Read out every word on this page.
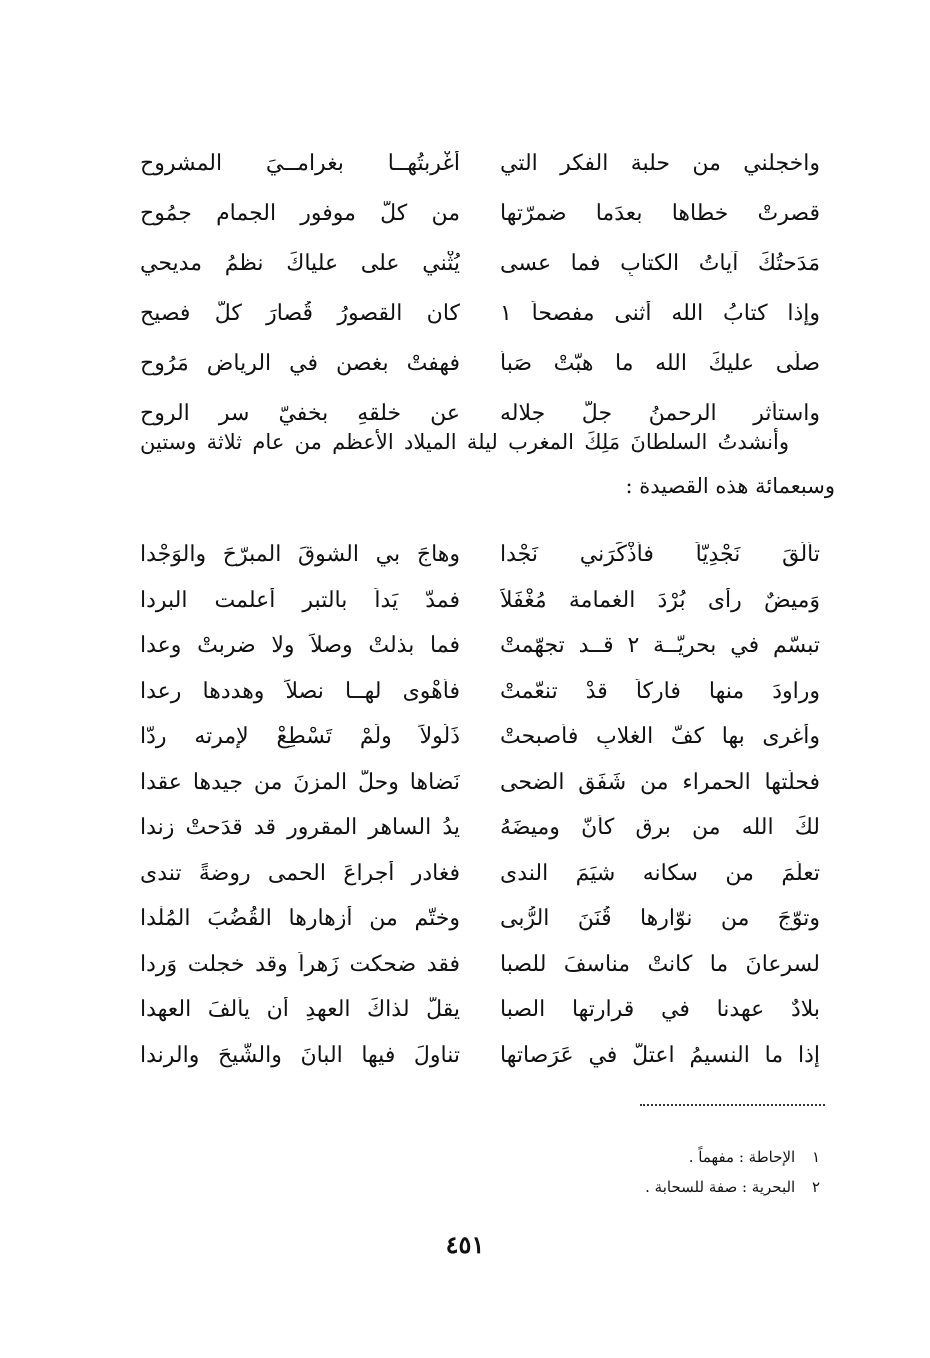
واخجلني من حلبة الفكرِ التي
أغْربتُهــا بغرامــيَ المشروحِ
قصرتْ خطاها بعدَما ضمرّتها
من كلّ موفورِ الجمام جمُوحِ
مَدَحتُكَ آياتُ الكتابِ فما عسى
يُثْني على علياكَ نظمُ مديحي
وإذا كتابُ الله أثنى مفصحاً ١
كان القصورُ قُصارَ كلّ فصيحِ
صلّى عليكَ الله ما هبّتْ صَبأ
فهفتْ بغصنٍ في الرياض مَرُوحِ
واستأثر الرحمنُ جلّ جلاله
عن خلقهِ بخفيّ سرِ الروحِ
وأنشدتُ السلطانَ مَلِكَ المغرب ليلة الميلاد الأعظم من عام ثلاثة وستين وسبعمائة هذه القصيدة :
تألّقَ نَجْدِيّاً فأذْكَرَني نَجْدا
وهاجَ بي الشوقَ المبرّحَ والوَجْدا
وَميضٌ رأى بُرْدَ الغمامة مُغْفَلاً
فمدّ يَداً بالتبرِ أعلمت البردا
تبسّم في بحريّــة ٢ قــد تجهّمتْ
فما بذلتْ وصلاً ولا ضربتْ وعدا
وراودَ منها فاركاً قدْ تنعّمتْ
فأهْوى لهــا نصلاً وهددها رعدا
وأغرى بها كفّ الغلابِ فأصبحتْ
ذَلُولاً ولَمْ تَسْطِعْ لإمرته ردّا
فحلّتها الحمراء من شَفَقِ الضحى
نَضاها وحلّ المزنَ من جيدها عقدا
لكَ الله من برقٍ كأنّ وميضَهُ
يدُ الساهرِ المقرورِ قد قدَحتْ زندا
تعلّمَ من سكانه شيَمَ الندى
فغادر أجراعَ الحمى روضةً تندى
وتوّجَ من نوّارها قُنَنَ الرُّبى
وختّم من أزهارها القُضُبَ المُلْدا
لسرعانَ ما كانتْ مناسفَ للصبا
فقد ضحكت زَهراً وقد خجلت وَردا
بلادٌ عهدنا في قرارتها الصبا
يقلُّ لذاكَ العهدِ أن يألفَ العهدا
إذا ما النسيمُ اعتلّ في عَرَصاتها
تناولَ فيها البانَ والشّيحَ والرندا
١ الإحاطة : مفهماً .
٢ البحرية : صفة للسحابة .
٤٥١
